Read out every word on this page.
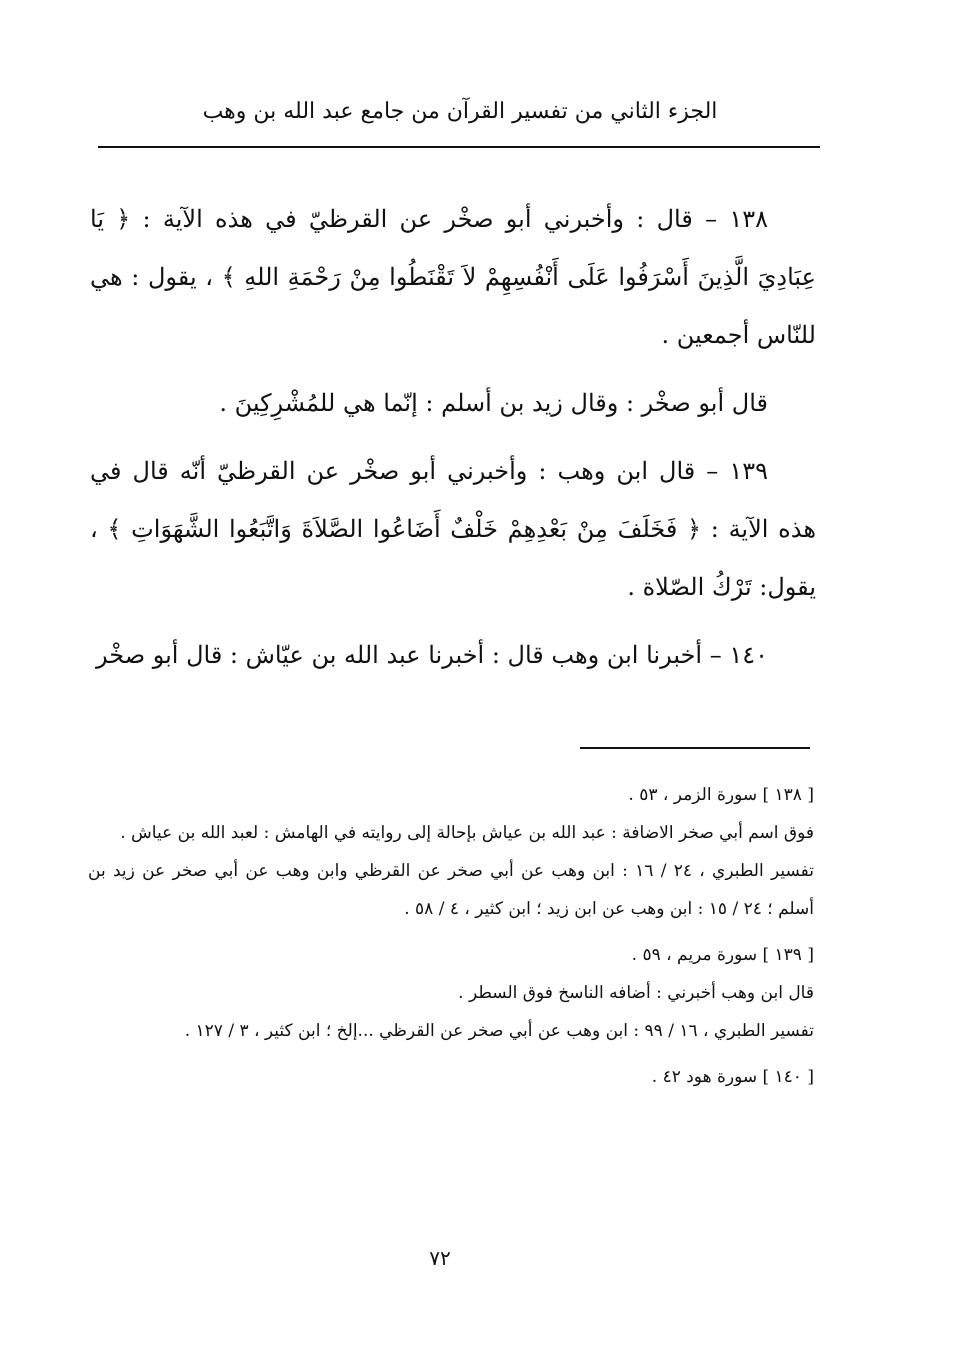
الجزء الثاني من تفسير القرآن من جامع عبد الله بن وهب

١٣٨ – قال : وأخبرني أبو صخْر عن القرظيّ في هذه الآية : ﴿ يَا عِبَادِيَ الَّذِينَ أَسْرَفُوا عَلَى أَنْفُسِهِمْ لاَ تَقْنَطُوا مِنْ رَحْمَةِ اللهِ ﴾ ، يقول : هي للنّاس أجمعين .

قال أبو صخْر : وقال زيد بن أسلم : إنّما هي للمُشْرِكِينَ .

١٣٩ – قال ابن وهب : وأخبرني أبو صخْر عن القرظيّ أنّه قال في هذه الآية : ﴿ فَخَلَفَ مِنْ بَعْدِهِمْ خَلْفٌ أَضَاعُوا الصَّلاَةَ وَاتَّبَعُوا الشَّهَوَاتِ ﴾ ، يقول: تَرْكُ الصّلاة .

١٤٠ – أخبرنا ابن وهب قال : أخبرنا عبد الله بن عيّاش : قال أبو صخْر

[ ١٣٨ ] سورة الزمر ، ٥٣ .

فوق اسم أبي صخر الاضافة : عبد الله بن عياش بإحالة إلى روايته في الهامش : لعبد الله بن عياش .

تفسير الطبري ، ٢٤ / ١٦ : ابن وهب عن أبي صخر عن القرظي وابن وهب عن أبي صخر عن زيد بن أسلم ؛ ٢٤ / ١٥ : ابن وهب عن ابن زيد ؛ ابن كثير ، ٤ / ٥٨ .

[ ١٣٩ ] سورة مريم ، ٥٩ .

قال ابن وهب أخبرني : أضافه الناسخ فوق السطر .

تفسير الطبري ، ١٦ / ٩٩ : ابن وهب عن أبي صخر عن القرظي ...إلخ ؛ ابن كثير ، ٣ / ١٢٧ .

[ ١٤٠ ] سورة هود ٤٢ .

٧٢
